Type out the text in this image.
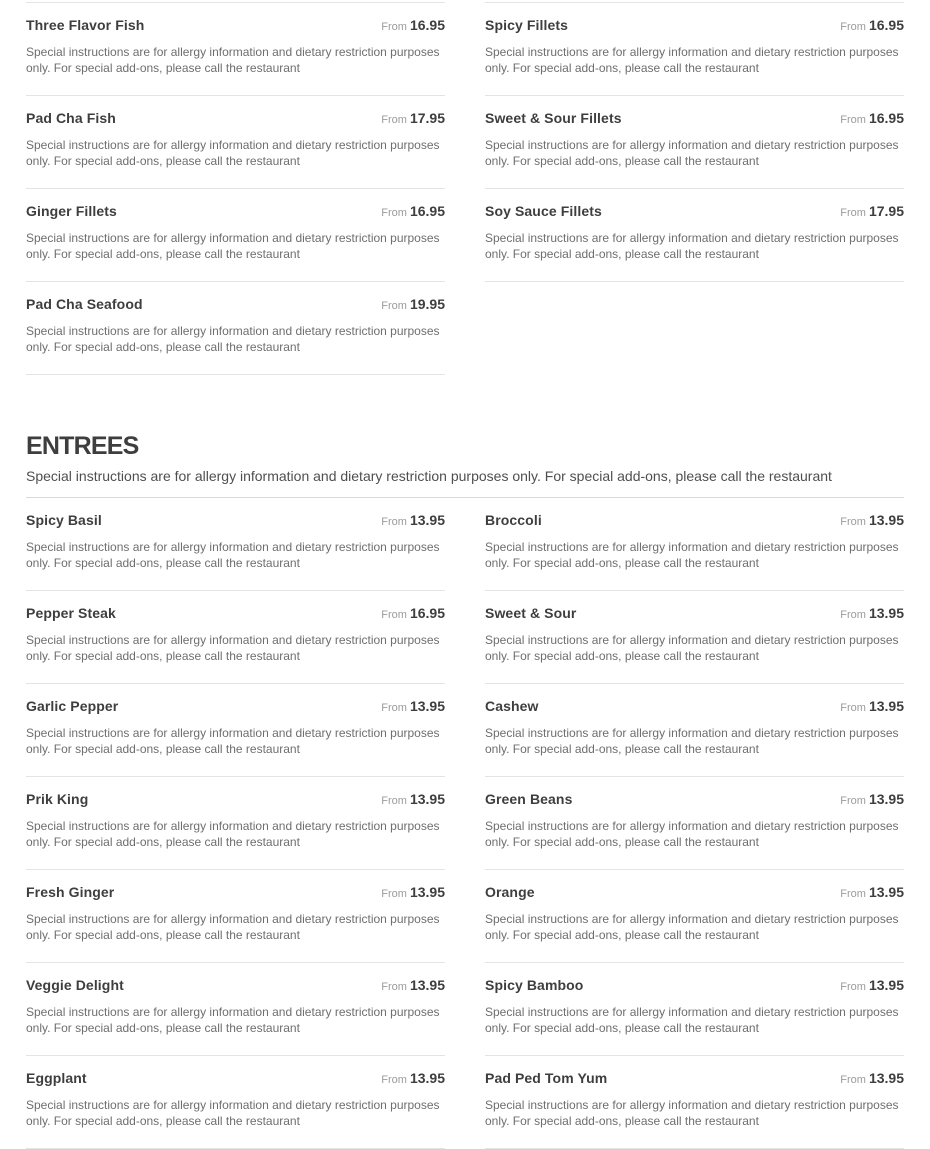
Three Flavor Fish	From 16.95

Special instructions are for allergy information and dietary restriction purposes only. For special add-ons, please call the restaurant

Spicy Fillets	From 16.95

Special instructions are for allergy information and dietary restriction purposes only. For special add-ons, please call the restaurant

Pad Cha Fish	From 17.95

Special instructions are for allergy information and dietary restriction purposes only. For special add-ons, please call the restaurant

Sweet & Sour Fillets	From 16.95

Special instructions are for allergy information and dietary restriction purposes only. For special add-ons, please call the restaurant

Ginger Fillets	From 16.95

Special instructions are for allergy information and dietary restriction purposes only. For special add-ons, please call the restaurant

Soy Sauce Fillets	From 17.95

Special instructions are for allergy information and dietary restriction purposes only. For special add-ons, please call the restaurant

Pad Cha Seafood	From 19.95

Special instructions are for allergy information and dietary restriction purposes only. For special add-ons, please call the restaurant

ENTREES

Special instructions are for allergy information and dietary restriction purposes only. For special add-ons, please call the restaurant

Spicy Basil	From 13.95

Special instructions are for allergy information and dietary restriction purposes only. For special add-ons, please call the restaurant

Broccoli	From 13.95

Special instructions are for allergy information and dietary restriction purposes only. For special add-ons, please call the restaurant

Pepper Steak	From 16.95

Special instructions are for allergy information and dietary restriction purposes only. For special add-ons, please call the restaurant

Sweet & Sour	From 13.95

Special instructions are for allergy information and dietary restriction purposes only. For special add-ons, please call the restaurant

Garlic Pepper	From 13.95

Special instructions are for allergy information and dietary restriction purposes only. For special add-ons, please call the restaurant

Cashew	From 13.95

Special instructions are for allergy information and dietary restriction purposes only. For special add-ons, please call the restaurant

Prik King	From 13.95

Special instructions are for allergy information and dietary restriction purposes only. For special add-ons, please call the restaurant

Green Beans	From 13.95

Special instructions are for allergy information and dietary restriction purposes only. For special add-ons, please call the restaurant

Fresh Ginger	From 13.95

Special instructions are for allergy information and dietary restriction purposes only. For special add-ons, please call the restaurant

Orange	From 13.95

Special instructions are for allergy information and dietary restriction purposes only. For special add-ons, please call the restaurant

Veggie Delight	From 13.95

Special instructions are for allergy information and dietary restriction purposes only. For special add-ons, please call the restaurant

Spicy Bamboo	From 13.95

Special instructions are for allergy information and dietary restriction purposes only. For special add-ons, please call the restaurant

Eggplant	From 13.95

Special instructions are for allergy information and dietary restriction purposes only. For special add-ons, please call the restaurant

Pad Ped Tom Yum	From 13.95

Special instructions are for allergy information and dietary restriction purposes only. For special add-ons, please call the restaurant
